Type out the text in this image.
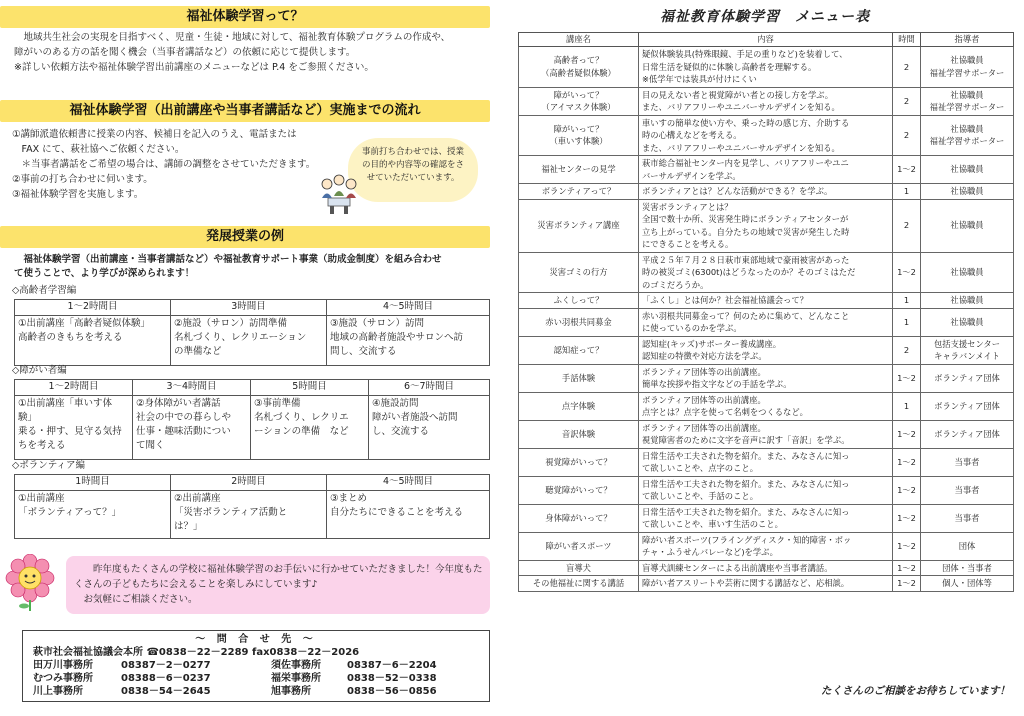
福祉体験学習って？
　地域共生社会の実現を目指すべく、児童・生徒・地域に対して、福祉教育体験プログラムの作成や、
障がいのある方の話を聞く機会（当事者講話など）の依頼に応じて提供します。
※詳しい依頼方法や福祉体験学習出前講座のメニューなどは P.4 をご参照ください。
福祉体験学習（出前講座や当事者講話など）実施までの流れ
①講師派遣依頼書に授業の内容、候補日を記入のうえ、電話または
　FAX にて、萩社協へご依頼ください。
　＊当事者講話をご希望の場合は、講師の調整をさせていただきます。
②事前の打ち合わせに伺います。
③福祉体験学習を実施します。
事前打ち合わせでは、授業の目的や内容等の確認をさせていただいています。
発展授業の例
　福祉体験学習（出前講座・当事者講話など）や福祉教育サポート事業（助成金制度）を組み合わせ
て使うことで、より学びが深められます！
◇高齢者学習編
1～2時間目	3時間目	4～5時間目
①出前講座「高齢者疑似体験」
高齢者のきもちを考える	②施設（サロン）訪問準備
名札づくり、レクリエーション
の準備など	③施設（サロン）訪問
地域の高齢者施設やサロンへ訪
問し、交流する
◇障がい者編
1～2時間目	3～4時間目	5時間目	6～7時間目
①出前講座「車いす体
験」
乗る・押す、見守る気持
ちを考える	②身体障がい者講話
社会の中での暮らしや
仕事・趣味活動につい
て聞く	③事前準備
名札づくり、レクリエ
ーションの準備　など	④施設訪問
障がい者施設へ訪問
し、交流する
◇ボランティア編
1時間目	2時間目	4～5時間目
①出前講座
「ボランティアって？」	②出前講座
「災害ボランティア活動と
は？」	③まとめ
自分たちにできることを考える
　　昨年度もたくさんの学校に福祉体験学習のお手伝いに行かせていただきました！今年度もた
くさんの子どもたちに会えることを楽しみにしています♪
　お気軽にご相談ください。
～ 問 合 せ 先 ～
萩市社会福祉協議会本所 ☎0838－22－2289 fax0838－22－2026
田万川事務所	08387－2－0277	須佐事務所	08387－6－2204
むつみ事務所	08388－6－0237	福栄事務所	0838－52－0338
川上事務所	0838－54－2645	旭事務所	0838－56－0856
福祉教育体験学習　メニュー表
講座名	内容	時間	指導者
高齢者って？
（高齢者疑似体験）	疑似体験装具(特殊眼鏡、手足の重りなど)を装着して、
日常生活を疑似的に体験し高齢者を理解する。
※低学年では装具が付けにくい	2	社協職員
福祉学習サポーター
障がいって？
（アイマスク体験）	目の見えない者と視覚障がい者との接し方を学ぶ。
また、バリアフリーやユニバーサルデザインを知る。	2	社協職員
福祉学習サポーター
障がいって？
（車いす体験）	車いすの簡単な使い方や、乗った時の感じ方、介助する
時の心構えなどを考える。
また、バリアフリーやユニバーサルデザインを知る。	2	社協職員
福祉学習サポーター
福祉センターの見学	萩市総合福祉センター内を見学し、バリアフリーやユニ
バーサルデザインを学ぶ。	1～2	社協職員
ボランティアって？	ボランティアとは？どんな活動ができる？を学ぶ。	1	社協職員
災害ボランティア講座	災害ボランティアとは？
全国で数十か所、災害発生時にボランティアセンターが
立ち上がっている。自分たちの地域で災害が発生した時
にできることを考える。	2	社協職員
災害ゴミの行方	平成２５年７月２８日萩市東部地域で豪雨被害があった
時の被災ゴミ(6300t)はどうなったのか？そのゴミはただ
のゴミだろうか。	1～2	社協職員
ふくしって？	「ふくし」とは何か？社会福祉協議会って？	1	社協職員
赤い羽根共同募金	赤い羽根共同募金って？何のために集めて、どんなこと
に使っているのかを学ぶ。	1	社協職員
認知症って？	認知症(キッズ)サポーター養成講座。
認知症の特徴や対応方法を学ぶ。	2	包括支援センター
キャラバンメイト
手話体験	ボランティア団体等の出前講座。
簡単な挨拶や指文字などの手話を学ぶ。	1～2	ボランティア団体
点字体験	ボランティア団体等の出前講座。
点字とは？点字を使って名刺をつくるなど。	1	ボランティア団体
音訳体験	ボランティア団体等の出前講座。
視覚障害者のために文字を音声に訳す「音訳」を学ぶ。	1～2	ボランティア団体
視覚障がいって？	日常生活や工夫された物を紹介。また、みなさんに知っ
て欲しいことや、点字のこと。	1～2	当事者
聴覚障がいって？	日常生活や工夫された物を紹介。また、みなさんに知っ
て欲しいことや、手話のこと。	1～2	当事者
身体障がいって？	日常生活や工夫された物を紹介。また、みなさんに知っ
て欲しいことや、車いす生活のこと。	1～2	当事者
障がい者スポーツ	障がい者スポーツ(フライングディスク・知的障害・ボッ
チャ・ふうせんバレーなど)を学ぶ。	1～2	団体
盲導犬	盲導犬訓練センターによる出前講座や当事者講話。	1～2	団体・当事者
その他福祉に関する講話	障がい者アスリートや芸術に関する講話など、応相談。	1～2	個人・団体等
たくさんのご相談をお待ちしています！
